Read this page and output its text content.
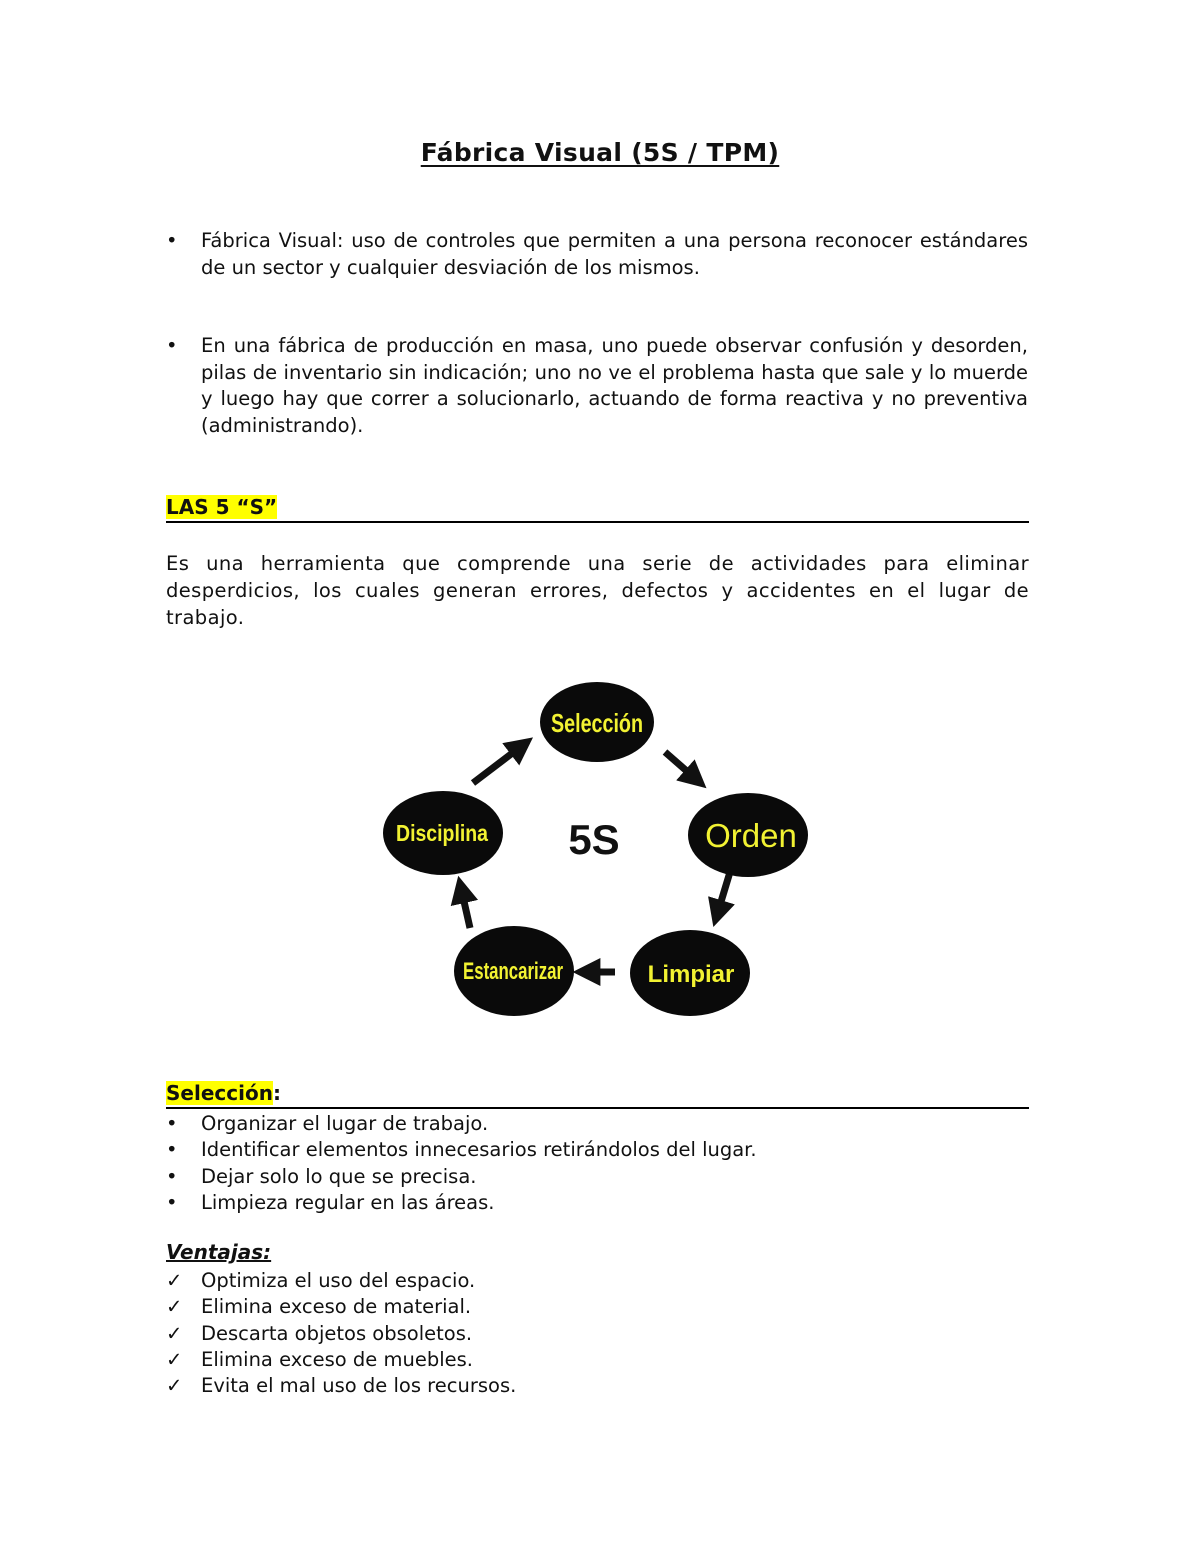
Fábrica Visual (5S / TPM)
•	Fábrica Visual: uso de controles que permiten a una persona reconocer estándares de un sector y cualquier desviación de los mismos.
•	En una fábrica de producción en masa, uno puede observar confusión y desorden, pilas de inventario sin indicación; uno no ve el problema hasta que sale y lo muerde y luego hay que correr a solucionarlo, actuando de forma reactiva y no preventiva (administrando).
LAS 5 “S”

Es una herramienta que comprende una serie de actividades para eliminar desperdicios, los cuales generan errores, defectos y accidentes en el lugar de trabajo.

Selección
Orden
Limpiar
Estancarizar
Disciplina 5S
Selección:
•	Organizar el lugar de trabajo.
•	Identificar elementos innecesarios retirándolos del lugar.
•	Dejar solo lo que se precisa.
•	Limpieza regular en las áreas.

Ventajas:

✓ Optimiza el uso del espacio.
✓ Elimina exceso de material.
✓ Descarta objetos obsoletos.
✓ Elimina exceso de muebles.
✓ Evita el mal uso de los recursos.
